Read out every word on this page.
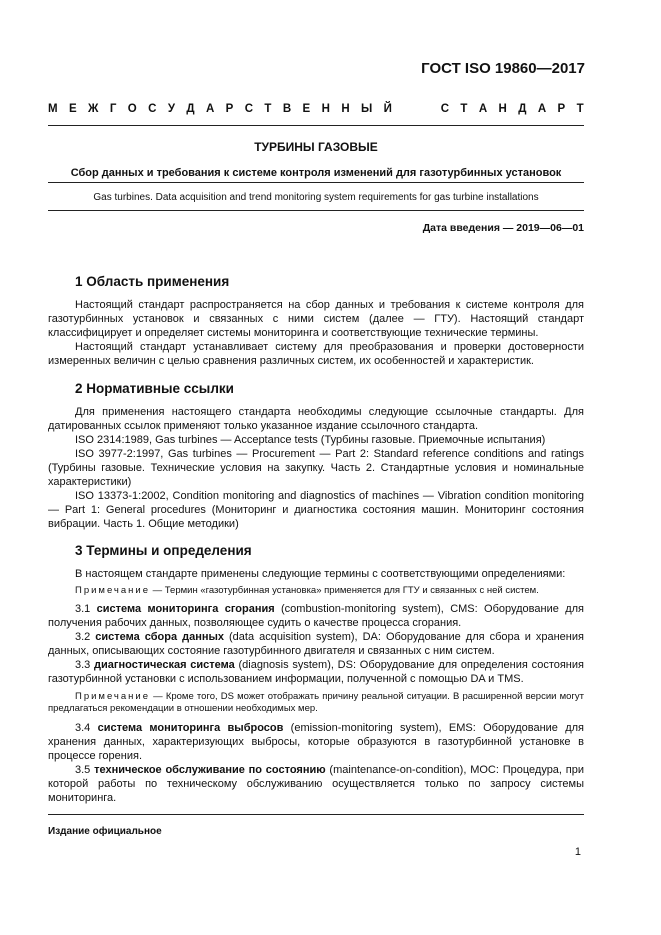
ГОСТ ISO 19860—2017
М Е Ж Г О С У Д А Р С Т В Е Н Н Ы Й	С Т А Н Д А Р Т
ТУРБИНЫ ГАЗОВЫЕ
Сбор данных и требования к системе контроля изменений для газотурбинных установок
Gas turbines. Data acquisition and trend monitoring system requirements for gas turbine installations
Дата введения — 2019—06—01
1 Область применения

Настоящий стандарт распространяется на сбор данных и требования к системе контроля для газотурбинных установок и связанных с ними систем (далее — ГТУ). Настоящий стандарт классифицирует и определяет системы мониторинга и соответствующие технические термины.

Настоящий стандарт устанавливает систему для преобразования и проверки достоверности измеренных величин с целью сравнения различных систем, их особенностей и характеристик.

2 Нормативные ссылки

Для применения настоящего стандарта необходимы следующие ссылочные стандарты. Для датированных ссылок применяют только указанное издание ссылочного стандарта.

ISO 2314:1989, Gas turbines — Acceptance tests (Турбины газовые. Приемочные испытания)

ISO 3977-2:1997, Gas turbines — Procurement — Part 2: Standard reference conditions and ratings (Турбины газовые. Технические условия на закупку. Часть 2. Стандартные условия и номинальные характеристики)

ISO 13373-1:2002, Condition monitoring and diagnostics of machines — Vibration condition monitoring — Part 1: General procedures (Мониторинг и диагностика состояния машин. Мониторинг состояния вибрации. Часть 1. Общие методики)

3 Термины и определения

В настоящем стандарте применены следующие термины с соответствующими определениями:

Примечание — Термин «газотурбинная установка» применяется для ГТУ и связанных с ней систем.

3.1 система мониторинга сгорания (combustion-monitoring system), CMS: Оборудование для получения рабочих данных, позволяющее судить о качестве процесса сгорания.

3.2 система сбора данных (data acquisition system), DA: Оборудование для сбора и хранения данных, описывающих состояние газотурбинного двигателя и связанных с ним систем.

3.3 диагностическая система (diagnosis system), DS: Оборудование для определения состояния газотурбинной установки с использованием информации, полученной с помощью DA и TMS.

Примечание — Кроме того, DS может отображать причину реальной ситуации. В расширенной версии могут предлагаться рекомендации в отношении необходимых мер.

3.4 система мониторинга выбросов (emission-monitoring system), EMS: Оборудование для хранения данных, характеризующих выбросы, которые образуются в газотурбинной установке в процессе горения.

3.5 техническое обслуживание по состоянию (maintenance-on-condition), MOC: Процедура, при которой работы по техническому обслуживанию осуществляется только по запросу системы мониторинга.

Издание официальное
1
